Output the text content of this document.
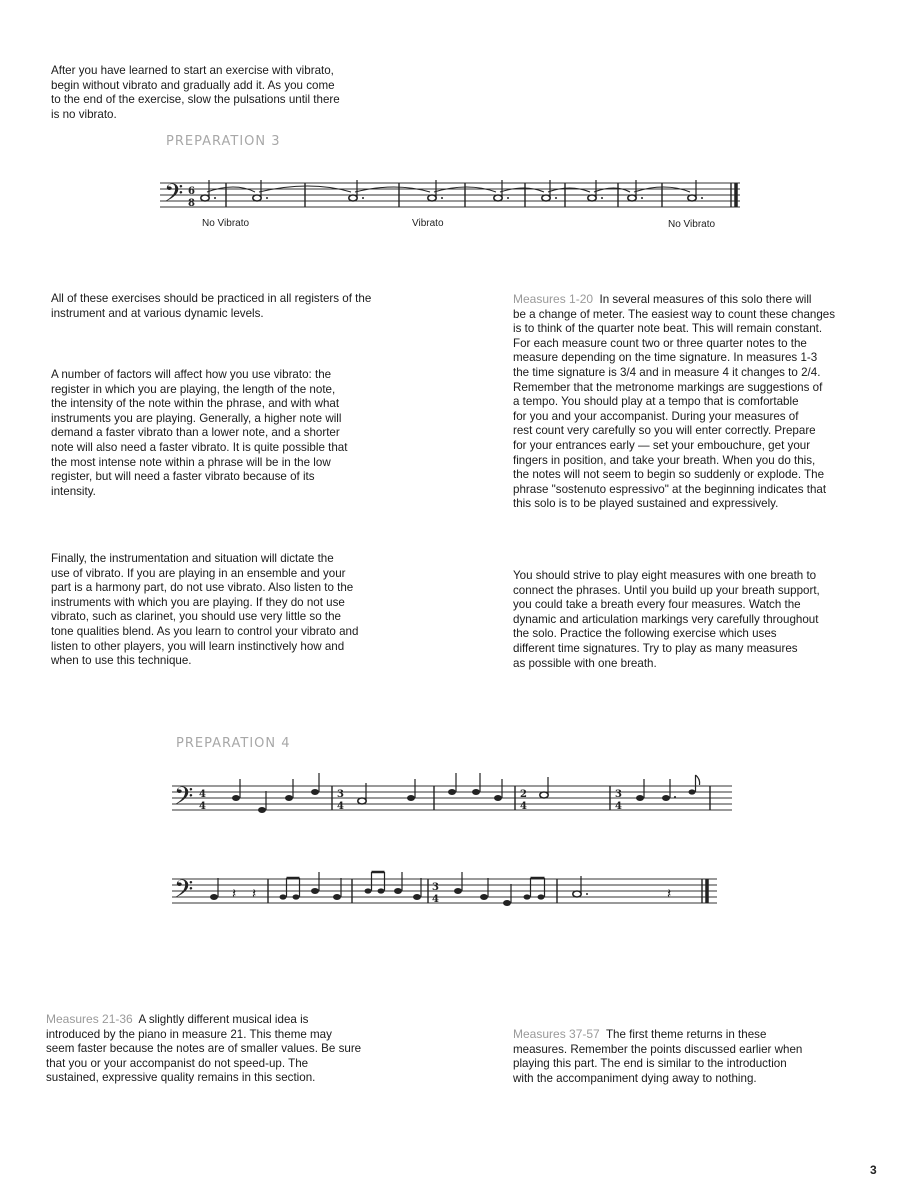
After you have learned to start an exercise with vibrato,
begin without vibrato and gradually add it. As you come
to the end of the exercise, slow the pulsations until there
is no vibrato.

PREPARATION 3

𝄢 6
8

No Vibrato	Vibrato	No Vibrato

All of these exercises should be practiced in all registers of the
instrument and at various dynamic levels.

A number of factors will affect how you use vibrato: the
register in which you are playing, the length of the note,
the intensity of the note within the phrase, and with what
instruments you are playing. Generally, a higher note will
demand a faster vibrato than a lower note, and a shorter
note will also need a faster vibrato. It is quite possible that
the most intense note within a phrase will be in the low
register, but will need a faster vibrato because of its
intensity.

Finally, the instrumentation and situation will dictate the
use of vibrato. If you are playing in an ensemble and your
part is a harmony part, do not use vibrato. Also listen to the
instruments with which you are playing. If they do not use
vibrato, such as clarinet, you should use very little so the
tone qualities blend. As you learn to control your vibrato and
listen to other players, you will learn instinctively how and
when to use this technique.

Measures 1-20 In several measures of this solo there will
be a change of meter. The easiest way to count these changes
is to think of the quarter note beat. This will remain constant.
For each measure count two or three quarter notes to the
measure depending on the time signature. In measures 1-3
the time signature is 3/4 and in measure 4 it changes to 2/4.
Remember that the metronome markings are suggestions of
a tempo. You should play at a tempo that is comfortable
for you and your accompanist. During your measures of
rest count very carefully so you will enter correctly. Prepare
for your entrances early — set your embouchure, get your
fingers in position, and take your breath. When you do this,
the notes will not seem to begin so suddenly or explode. The
phrase "sostenuto espressivo" at the beginning indicates that
this solo is to be played sustained and expressively.

You should strive to play eight measures with one breath to
connect the phrases. Until you build up your breath support,
you could take a breath every four measures. Watch the
dynamic and articulation markings very carefully throughout
the solo. Practice the following exercise which uses
different time signatures. Try to play as many measures
as possible with one breath.

PREPARATION 4

𝄢 4
4
3
4
2
4
3
4
𝄢	𝄽 𝄽	3
4	𝄽
Measures 21-36 A slightly different musical idea is
introduced by the piano in measure 21. This theme may
seem faster because the notes are of smaller values. Be sure
that you or your accompanist do not speed-up. The
sustained, expressive quality remains in this section.
Measures 37-57 The first theme returns in these
measures. Remember the points discussed earlier when
playing this part. The end is similar to the introduction
with the accompaniment dying away to nothing.
3
